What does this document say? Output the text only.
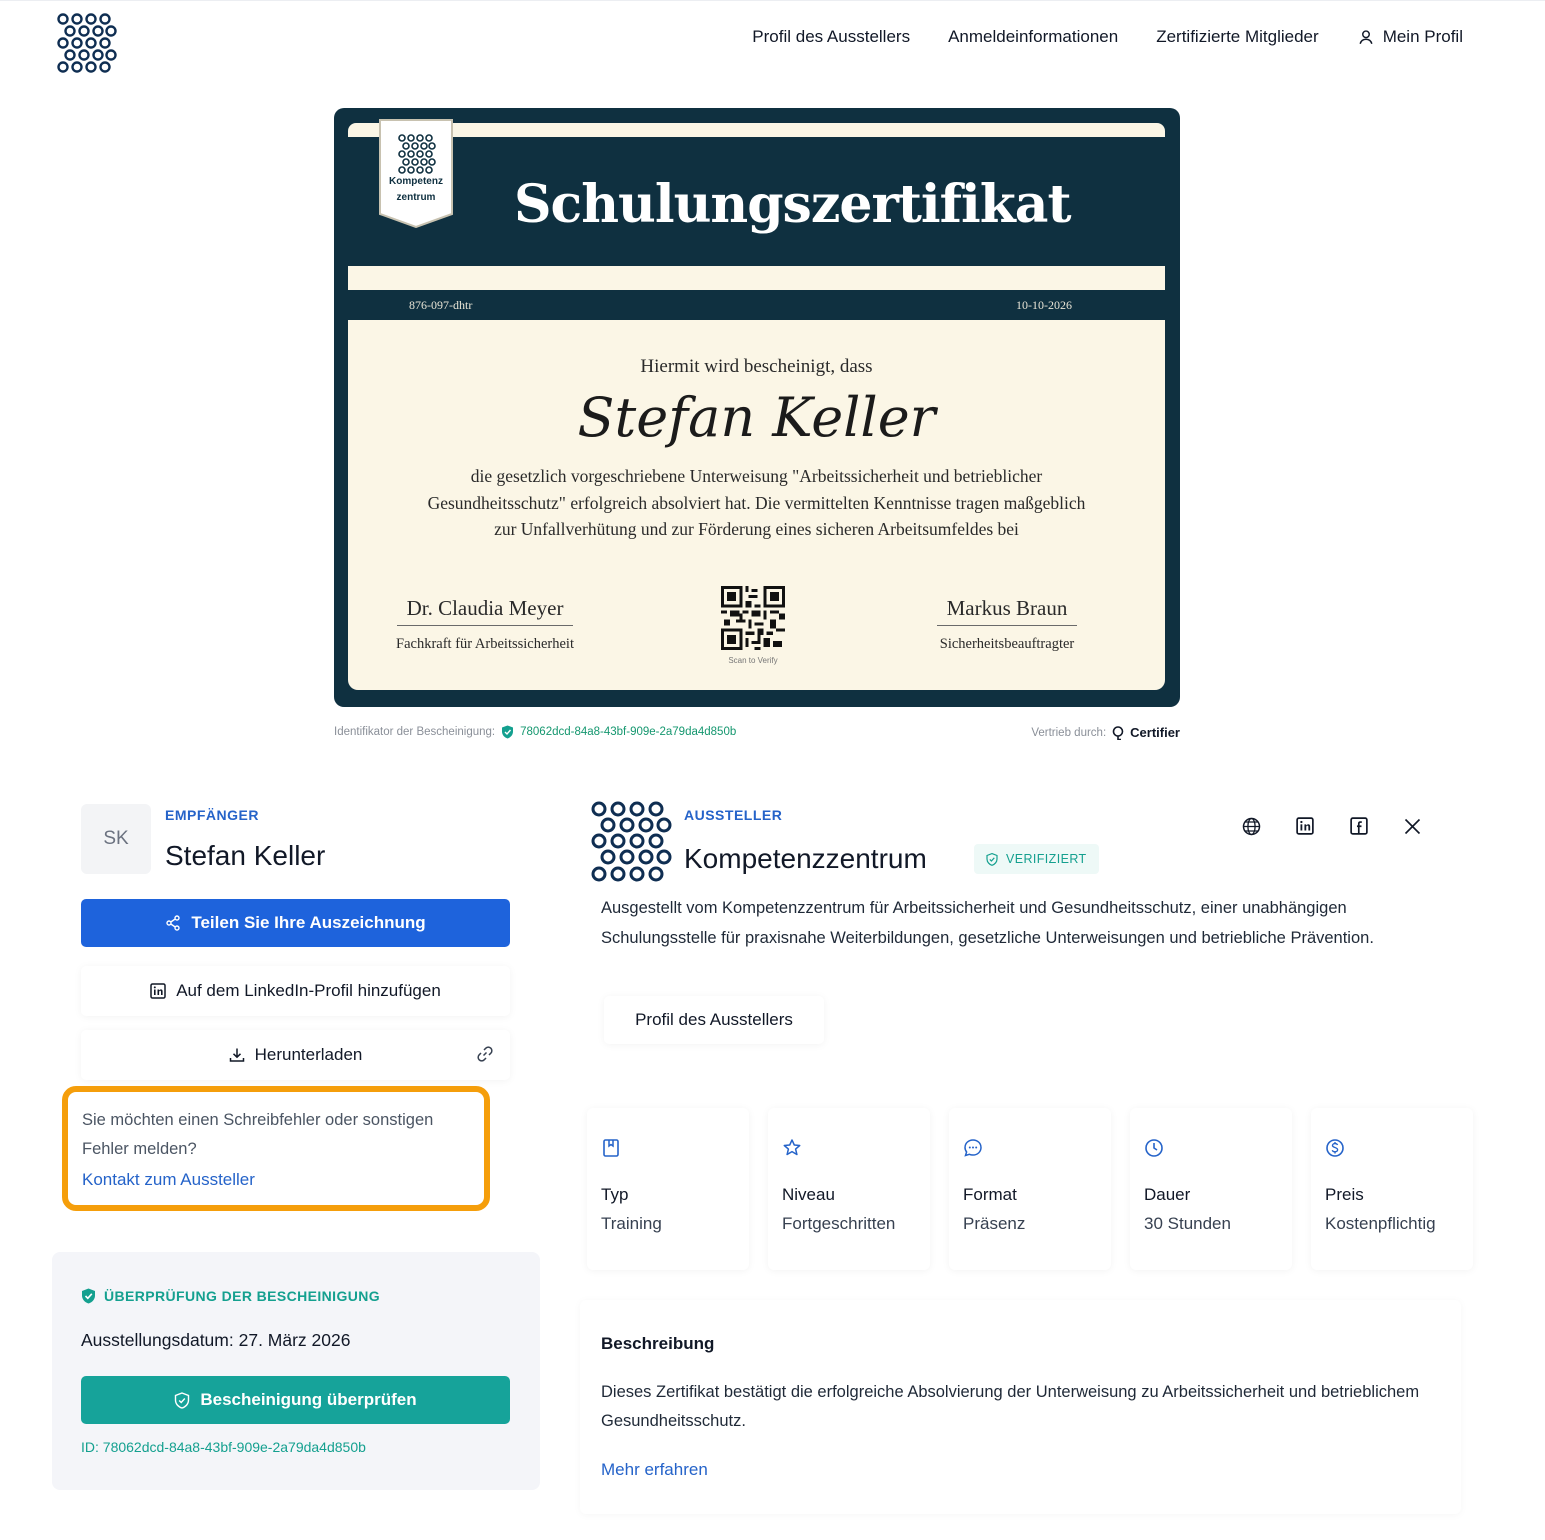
Profil des Ausstellers Anmeldeinformationen Zertifizierte Mitglieder	Mein Profil
Kompetenz
zentrum	Schulungszertifikat
876-097-dhtr	10-10-2026
Hiermit wird bescheinigt, dass
Stefan Keller
die gesetzlich vorgeschriebene Unterweisung "Arbeitssicherheit und betrieblicher Gesundheitsschutz" erfolgreich absolviert hat. Die vermittelten Kenntnisse tragen maßgeblich zur Unfallverhütung und zur Förderung eines sicheren Arbeitsumfeldes bei
Dr. Claudia Meyer
Fachkraft für Arbeitssicherheit
Markus Braun
Sicherheitsbeauftragter
Scan to Verify
Identifikator der Bescheinigung: 78062dcd-84a8-43bf-909e-2a79da4d850b	Vertrieb durch: Certifier
SK
EMPFÄNGER
Stefan Keller
Teilen Sie Ihre Auszeichnung
Auf dem LinkedIn-Profil hinzufügen
Herunterladen
Sie möchten einen Schreibfehler oder sonstigen Fehler melden?
Kontakt zum Aussteller
ÜBERPRÜFUNG DER BESCHEINIGUNG
Ausstellungsdatum: 27. März 2026
Bescheinigung überprüfen
ID: 78062dcd-84a8-43bf-909e-2a79da4d850b
AUSSTELLER
Kompetenzzentrum	VERIFIZIERT
Ausgestellt vom Kompetenzzentrum für Arbeitssicherheit und Gesundheitsschutz, einer unabhängigen Schulungsstelle für praxisnahe Weiterbildungen, gesetzliche Unterweisungen und betriebliche Prävention.
Profil des Ausstellers
Typ
Training
Niveau
Fortgeschritten
Format
Präsenz
Dauer
30 Stunden
Preis
Kostenpflichtig
Beschreibung
Dieses Zertifikat bestätigt die erfolgreiche Absolvierung der Unterweisung zu Arbeitssicherheit und betrieblichem Gesundheitsschutz.
Mehr erfahren
